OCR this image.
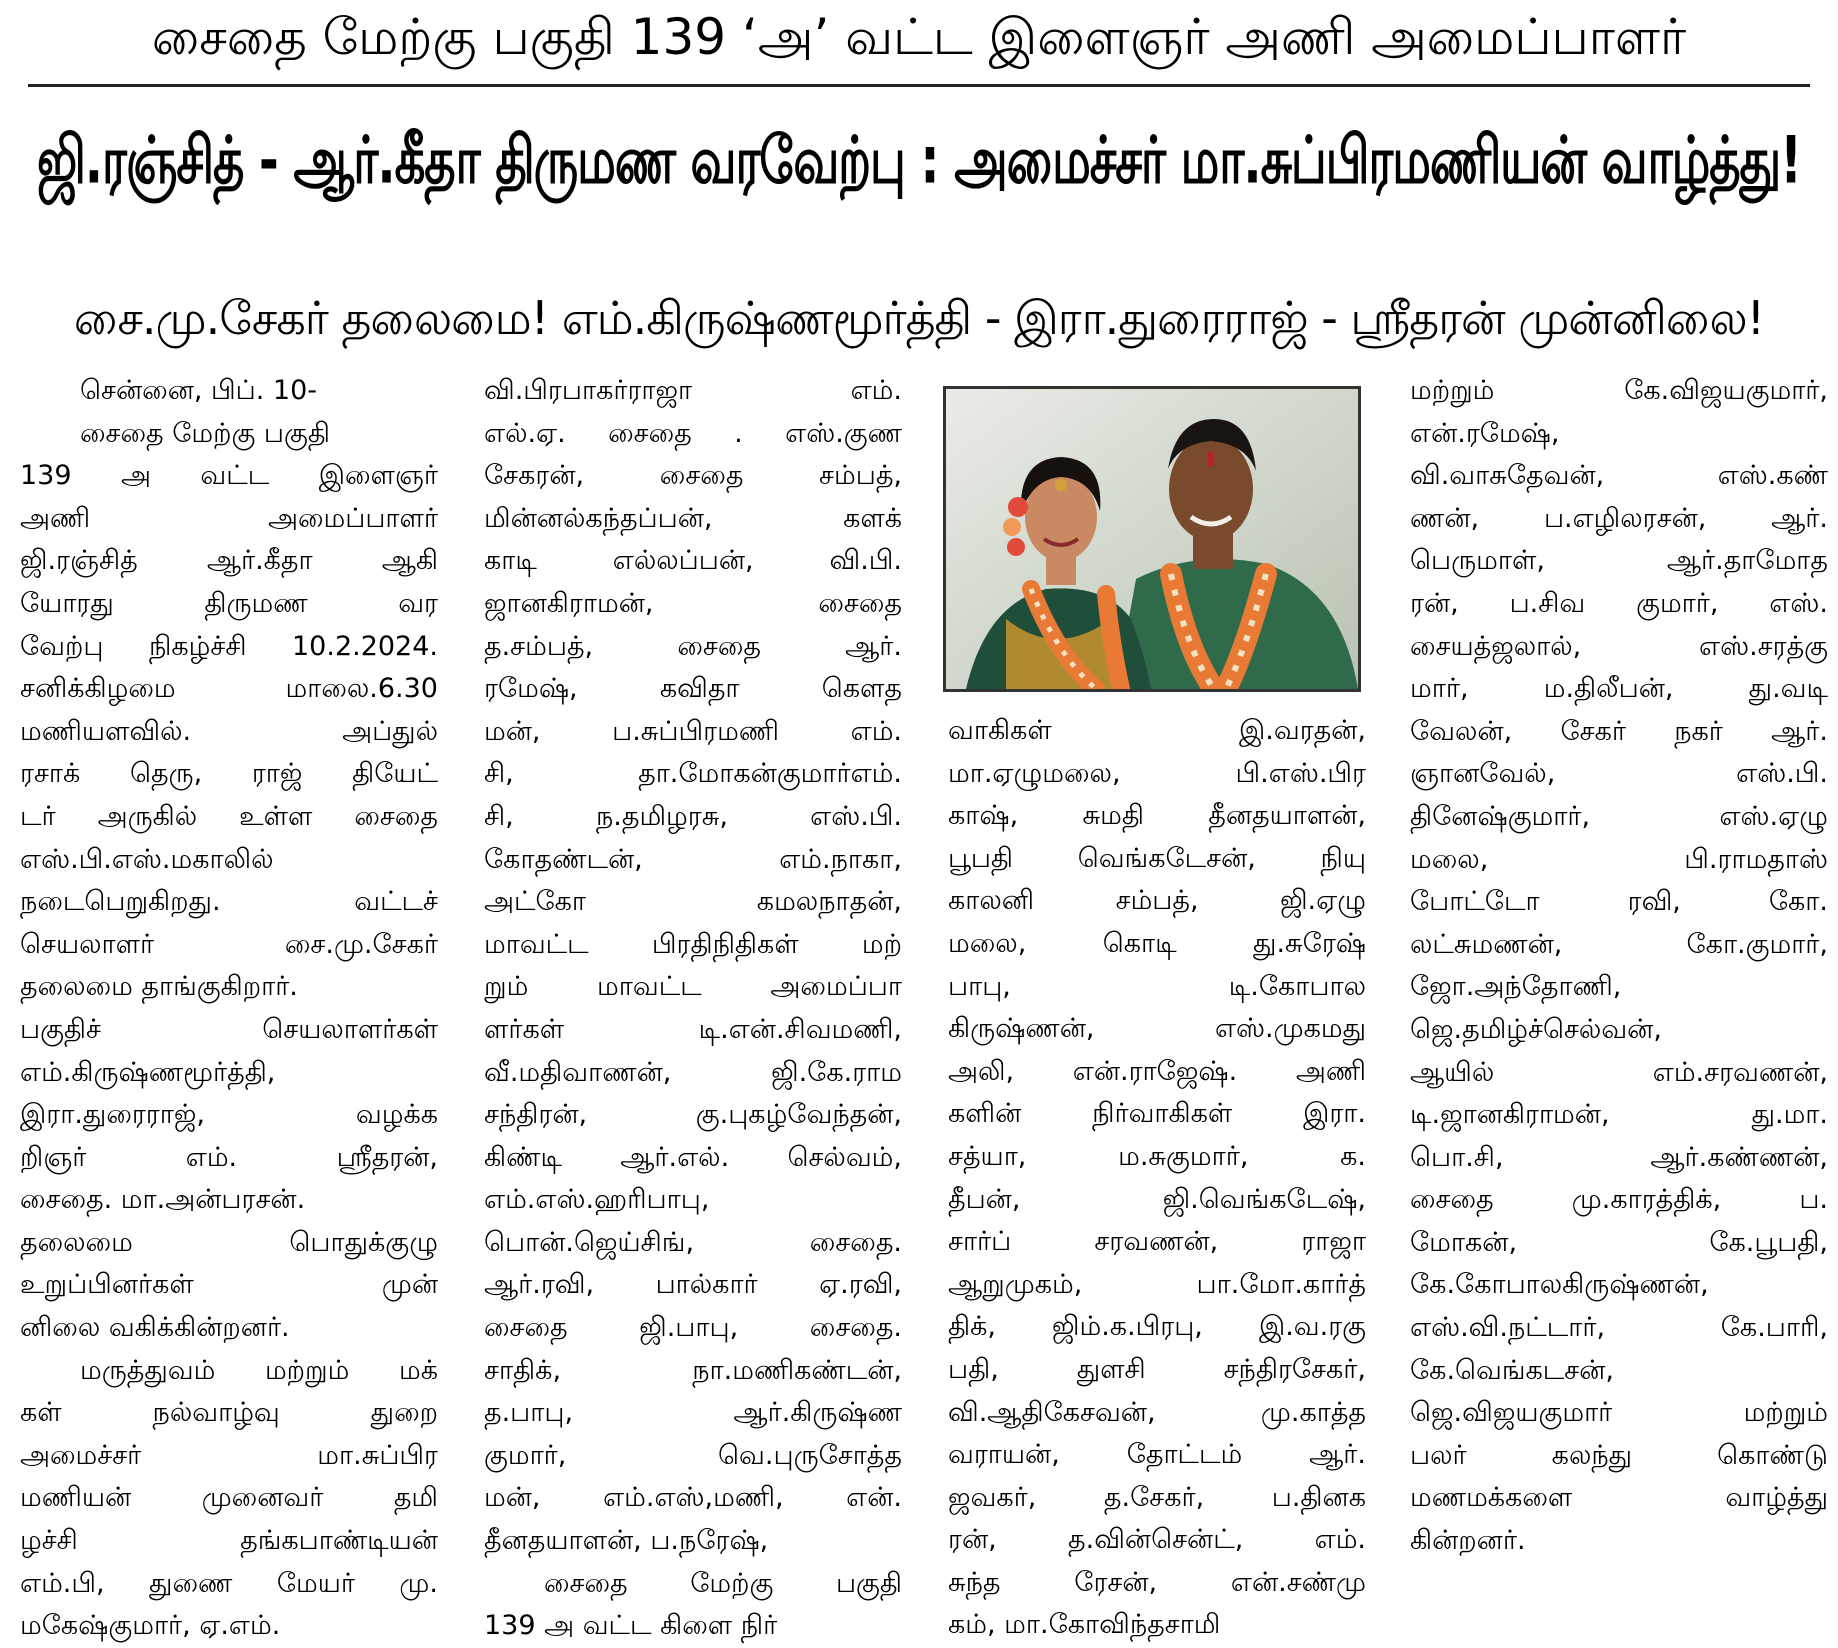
சைதை மேற்கு பகுதி 139 ‘அ’ வட்ட இளைஞர் அணி அமைப்பாளர்
ஜி.ரஞ்சித் - ஆர்.கீதா திருமண வரவேற்பு : அமைச்சர் மா.சுப்பிரமணியன் வாழ்த்து!
சை.மு.சேகர் தலைமை! எம்.கிருஷ்ணமூர்த்தி - இரா.துரைராஜ் - ஸ்ரீதரன் முன்னிலை!
சென்னை, பிப். 10-
சைதை மேற்கு பகுதி
139 அ வட்ட இளைஞர்
அணி அமைப்பாளர்
ஜி.ரஞ்சித் ஆர்.கீதா ஆகி
யோரது திருமண வர
வேற்பு நிகழ்ச்சி 10.2.2024.
சனிக்கிழமை மாலை.6.30
மணியளவில். அப்துல்
ரசாக் தெரு, ராஜ் தியேட்
டர் அருகில் உள்ள சைதை
எஸ்.பி.எஸ்.மகாலில்
நடைபெறுகிறது. வட்டச்
செயலாளர் சை.மு.சேகர்
தலைமை தாங்குகிறார்.
பகுதிச் செயலாளர்கள்
எம்.கிருஷ்ணமூர்த்தி,
இரா.துரைராஜ், வழக்க
றிஞர் எம். ஸ்ரீதரன்,
சைதை. மா.அன்பரசன்.
தலைமை பொதுக்குழு
உறுப்பினர்கள் முன்
னிலை வகிக்கின்றனர்.
மருத்துவம் மற்றும் மக்
கள் நல்வாழ்வு துறை
அமைச்சர் மா.சுப்பிர
மணியன் முனைவர் தமி
ழச்சி தங்கபாண்டியன்
எம்.பி, துணை மேயர் மு.
மகேஷ்குமார், ஏ.எம்.
வி.பிரபாகர்ராஜா எம்.
எல்.ஏ. சைதை . எஸ்.குண
சேகரன், சைதை சம்பத்,
மின்னல்கந்தப்பன், களக்
காடி எல்லப்பன், வி.பி.
ஜானகிராமன், சைதை
த.சம்பத், சைதை ஆர்.
ரமேஷ், கவிதா கௌத
மன், ப.சுப்பிரமணி எம்.
சி, தா.மோகன்குமார்எம்.
சி, ந.தமிழரசு, எஸ்.பி.
கோதண்டன், எம்.நாகா,
அட்கோ கமலநாதன்,
மாவட்ட பிரதிநிதிகள் மற்
றும் மாவட்ட அமைப்பா
ளர்கள் டி.என்.சிவமணி,
வீ.மதிவாணன், ஜி.கே.ராம
சந்திரன், கு.புகழ்வேந்தன்,
கிண்டி ஆர்.எல். செல்வம்,
எம்.எஸ்.ஹரிபாபு,
பொன்.ஜெய்சிங், சைதை.
ஆர்.ரவி, பால்கார் ஏ.ரவி,
சைதை ஜி.பாபு, சைதை.
சாதிக், நா.மணிகண்டன்,
த.பாபு, ஆர்.கிருஷ்ண
குமார், வெ.புருசோத்த
மன், எம்.எஸ்,மணி, என்.
தீனதயாளன், ப.நரேஷ்,
சைதை மேற்கு பகுதி
139 அ வட்ட கிளை நிர்
வாகிகள் இ.வரதன்,
மா.ஏழுமலை, பி.எஸ்.பிர
காஷ், சுமதி தீனதயாளன்,
பூபதி வெங்கடேசன், நியு
காலனி சம்பத், ஜி.ஏழு
மலை, கொடி து.சுரேஷ்
பாபு, டி.கோபால
கிருஷ்ணன், எஸ்.முகமது
அலி, என்.ராஜேஷ். அணி
களின் நிர்வாகிகள் இரா.
சத்யா, ம.சுகுமார், க.
தீபன், ஜி.வெங்கடேஷ்,
சார்ப் சரவணன், ராஜா
ஆறுமுகம், பா.மோ.கார்த்
திக், ஜிம்.க.பிரபு, இ.வ.ரகு
பதி, துளசி சந்திரசேகர்,
வி.ஆதிகேசவன், மு.காத்த
வராயன், தோட்டம் ஆர்.
ஜவகர், த.சேகர், ப.தினக
ரன், த.வின்சென்ட், எம்.
சுந்த ரேசன், என்.சண்மு
கம், மா.கோவிந்தசாமி
மற்றும் கே.விஜயகுமார்,
என்.ரமேஷ்,
வி.வாசுதேவன், எஸ்.கண்
ணன், ப.எழிலரசன், ஆர்.
பெருமாள், ஆர்.தாமோத
ரன், ப.சிவ குமார், எஸ்.
சையத்ஜலால், எஸ்.சரத்கு
மார், ம.திலீபன், து.வடி
வேலன், சேகர் நகர் ஆர்.
ஞானவேல், எஸ்.பி.
தினேஷ்குமார், எஸ்.ஏழு
மலை, பி.ராமதாஸ்
போட்டோ ரவி, கோ.
லட்சுமணன், கோ.குமார்,
ஜோ.அந்தோணி,
ஜெ.தமிழ்ச்செல்வன்,
ஆயில் எம்.சரவணன்,
டி.ஜானகிராமன், து.மா.
பொ.சி, ஆர்.கண்ணன்,
சைதை மு.காரத்திக், ப.
மோகன், கே.பூபதி,
கே.கோபாலகிருஷ்ணன்,
எஸ்.வி.நட்டார், கே.பாரி,
கே.வெங்கடசன்,
ஜெ.விஜயகுமார் மற்றும்
பலர் கலந்து கொண்டு
மணமக்களை வாழ்த்து
கின்றனர்.
